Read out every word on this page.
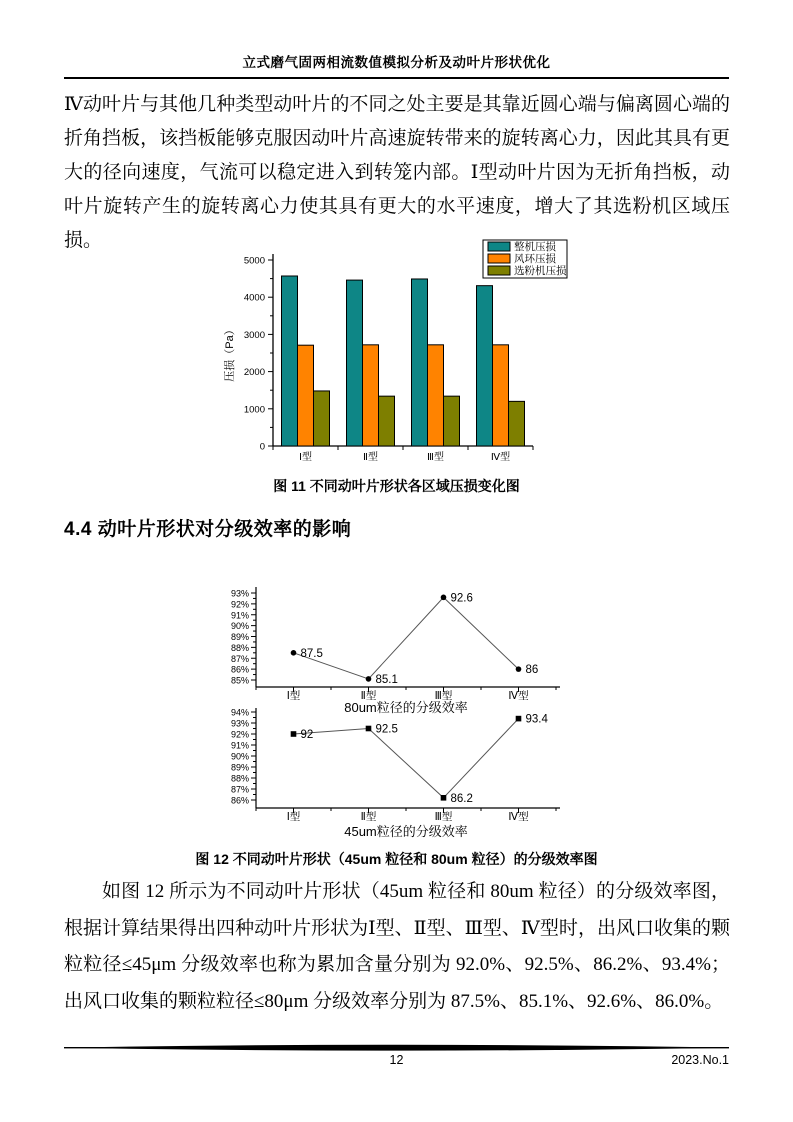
立式磨气固两相流数值模拟分析及动叶片形状优化

Ⅳ动叶片与其他几种类型动叶片的不同之处主要是其靠近圆心端与偏离圆心端的折角挡板，该挡板能够克服因动叶片高速旋转带来的旋转离心力，因此其具有更大的径向速度，气流可以稳定进入到转笼内部。Ⅰ型动叶片因为无折角挡板，动叶片旋转产生的旋转离心力使其具有更大的水平速度，增大了其选粉机区域压损。

0
1000
2000
3000
4000
5000
Ⅰ型	Ⅱ型	Ⅲ型	Ⅳ型
压损（Pa）
整机压损
风环压损
选粉机压损
图 11 不同动叶片形状各区域压损变化图
4.4 动叶片形状对分级效率的影响
85%
86%
87%
88%
89%
90%
91%
92%
93%
Ⅰ型	Ⅱ型	Ⅲ型	Ⅳ型
87.5
85.1
92.6
86
80um粒径的分级效率
86%
87%
88%
89%
90%
91%
92%
93%
94%
Ⅰ型	Ⅱ型	Ⅲ型	Ⅳ型
92	92.5
86.2
93.4
45um粒径的分级效率
图 12 不同动叶片形状（45um 粒径和 80um 粒径）的分级效率图

如图 12 所示为不同动叶片形状（45um 粒径和 80um 粒径）的分级效率图，根据计算结果得出四种动叶片形状为Ⅰ型、Ⅱ型、Ⅲ型、Ⅳ型时，出风口收集的颗粒粒径≤45μm 分级效率也称为累加含量分别为 92.0%、92.5%、86.2%、93.4%；出风口收集的颗粒粒径≤80μm 分级效率分别为 87.5%、85.1%、92.6%、86.0%。

12	2023.No.1
